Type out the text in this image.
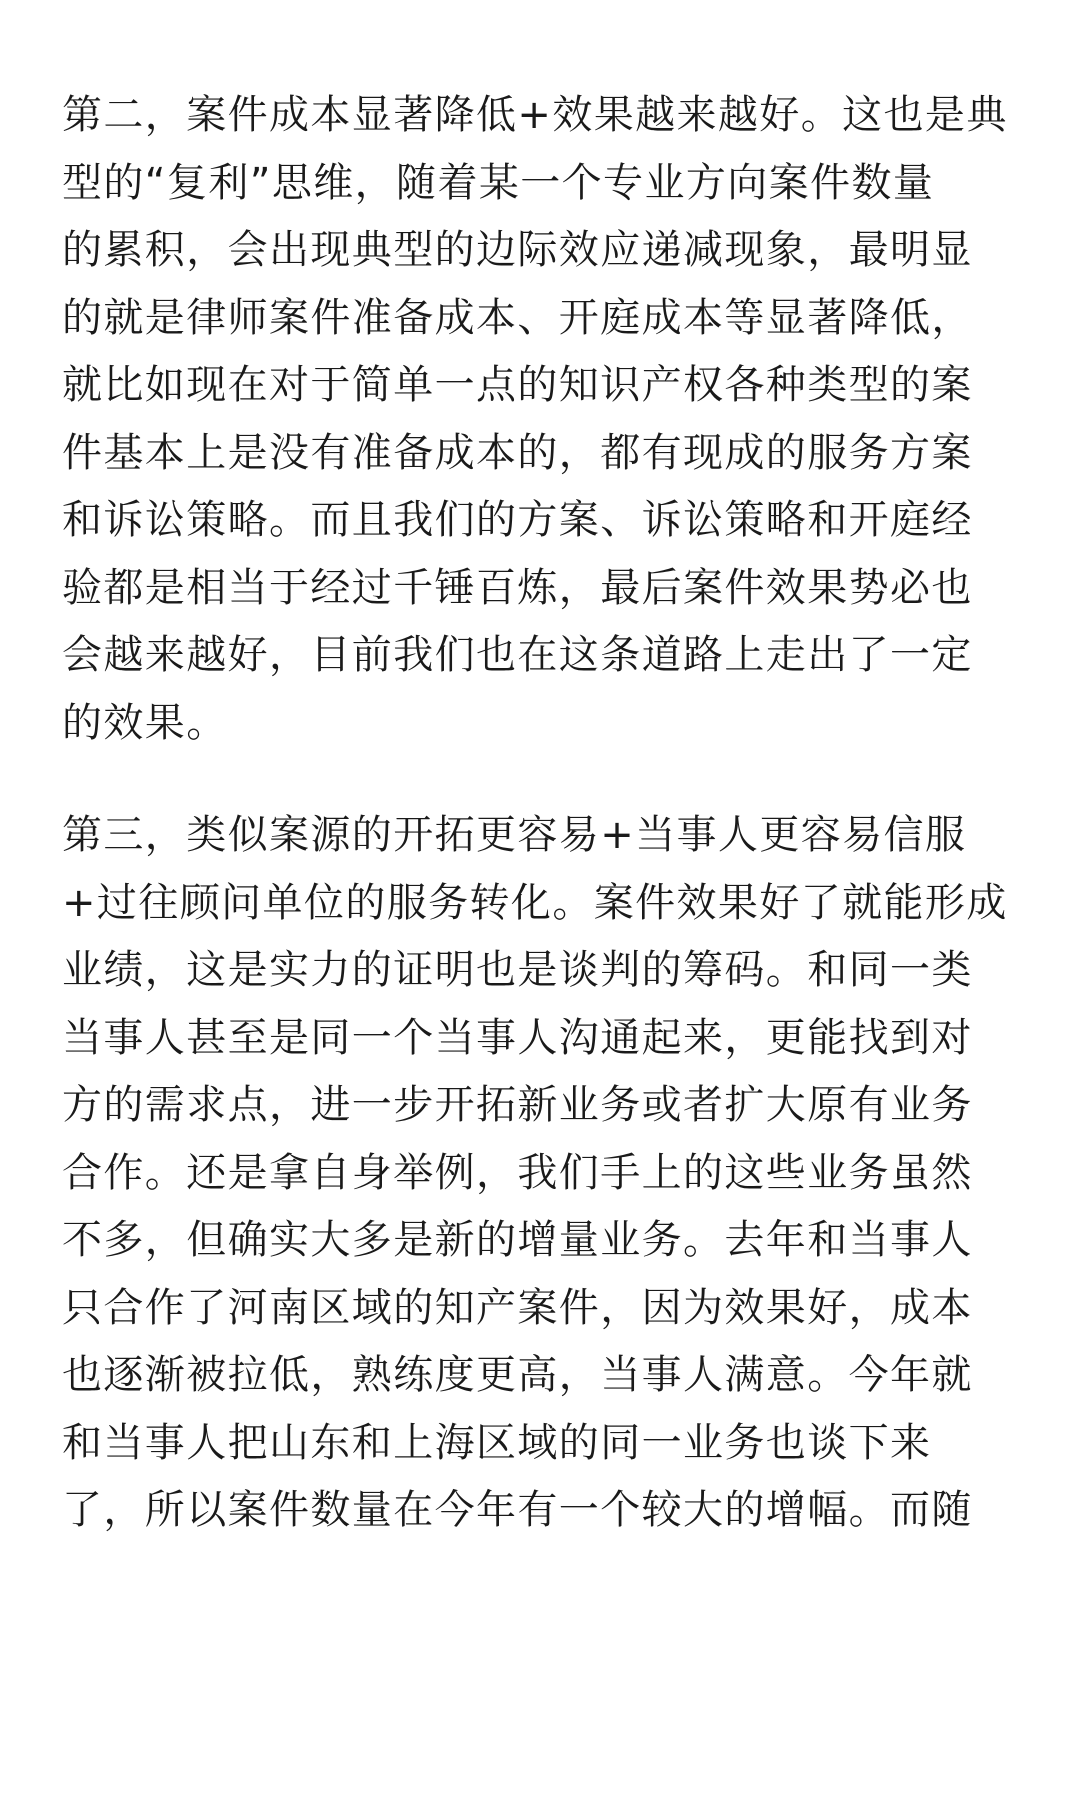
第二，案件成本显著降低+效果越来越好。这也是典
型的“复利”思维，随着某一个专业方向案件数量
的累积，会出现典型的边际效应递减现象，最明显
的就是律师案件准备成本、开庭成本等显著降低，
就比如现在对于简单一点的知识产权各种类型的案
件基本上是没有准备成本的，都有现成的服务方案
和诉讼策略。而且我们的方案、诉讼策略和开庭经
验都是相当于经过千锤百炼，最后案件效果势必也
会越来越好，目前我们也在这条道路上走出了一定
的效果。
第三，类似案源的开拓更容易+当事人更容易信服
+过往顾问单位的服务转化。案件效果好了就能形成
业绩，这是实力的证明也是谈判的筹码。和同一类
当事人甚至是同一个当事人沟通起来，更能找到对
方的需求点，进一步开拓新业务或者扩大原有业务
合作。还是拿自身举例，我们手上的这些业务虽然
不多，但确实大多是新的增量业务。去年和当事人
只合作了河南区域的知产案件，因为效果好，成本
也逐渐被拉低，熟练度更高，当事人满意。今年就
和当事人把山东和上海区域的同一业务也谈下来
了，所以案件数量在今年有一个较大的增幅。而随
